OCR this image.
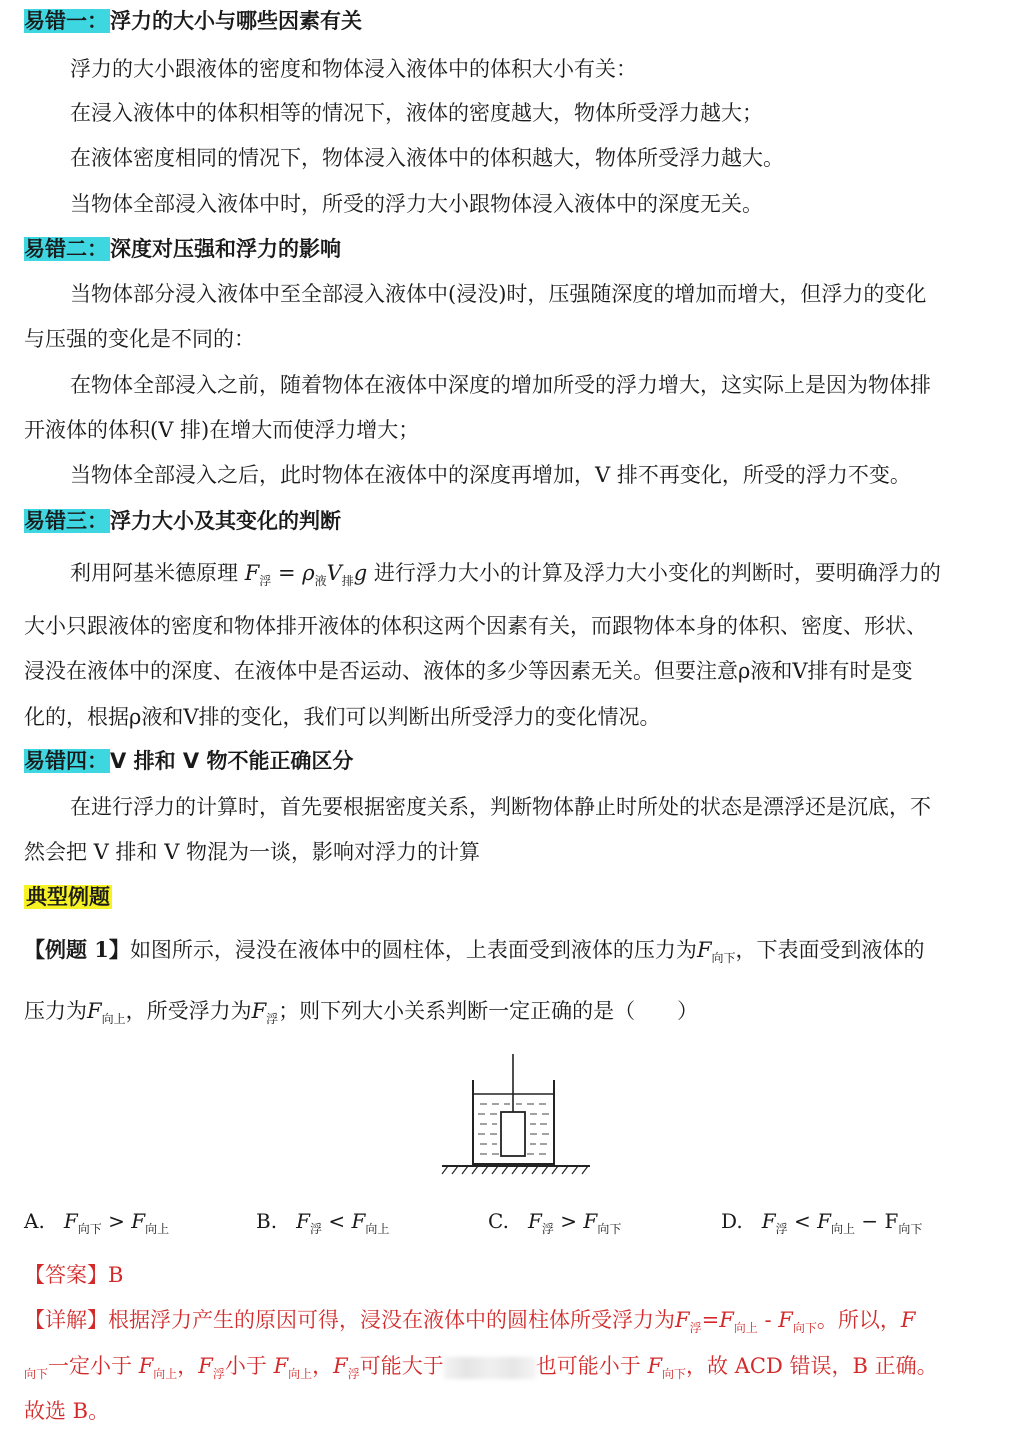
易错一：浮力的大小与哪些因素有关
浮力的大小跟液体的密度和物体浸入液体中的体积大小有关：
在浸入液体中的体积相等的情况下，液体的密度越大，物体所受浮力越大；
在液体密度相同的情况下，物体浸入液体中的体积越大，物体所受浮力越大。
当物体全部浸入液体中时，所受的浮力大小跟物体浸入液体中的深度无关。
易错二：深度对压强和浮力的影响
当物体部分浸入液体中至全部浸入液体中(浸没)时，压强随深度的增加而增大，但浮力的变化
与压强的变化是不同的：
在物体全部浸入之前，随着物体在液体中深度的增加所受的浮力增大，这实际上是因为物体排
开液体的体积(V 排)在增大而使浮力增大；
当物体全部浸入之后，此时物体在液体中的深度再增加，V 排不再变化，所受的浮力不变。
易错三：浮力大小及其变化的判断
利用阿基米德原理 $F_浮 = \rho_液V_排g$ 进行浮力大小的计算及浮力大小变化的判断时，要明确浮力的
大小只跟液体的密度和物体排开液体的体积这两个因素有关，而跟物体本身的体积、密度、形状、
浸没在液体中的深度、在液体中是否运动、液体的多少等因素无关。但要注意ρ液和V排有时是变
化的，根据ρ液和V排的变化，我们可以判断出所受浮力的变化情况。
易错四：V 排和 V 物不能正确区分
在进行浮力的计算时，首先要根据密度关系，判断物体静止时所处的状态是漂浮还是沉底，不
然会把 V 排和 V 物混为一谈，影响对浮力的计算
典型例题
【例题 1】如图所示，浸没在液体中的圆柱体，上表面受到液体的压力为$F_{向下}$，下表面受到液体的
压力为$F_{向上}$，所受浮力为$F_浮$；则下列大小关系判断一定正确的是（　　）
A. $F_{向下} > F_{向上}$	B. $F_浮 < F_{向上}$	C. $F_浮 > F_{向下}$	D. $F_浮 < F_{向上} - F_{向下}$
【答案】B
【详解】根据浮力产生的原因可得，浸没在液体中的圆柱体所受浮力为$F_浮=F_{向上} - F_{向下}$。所以，F
$_{向下}$一定小于 $F_{向上}$，$F_浮$小于 $F_{向上}$，$F_浮$可能大于	也可能小于 $F_{向下}$，故 ACD 错误，B 正确。
故选 B。
